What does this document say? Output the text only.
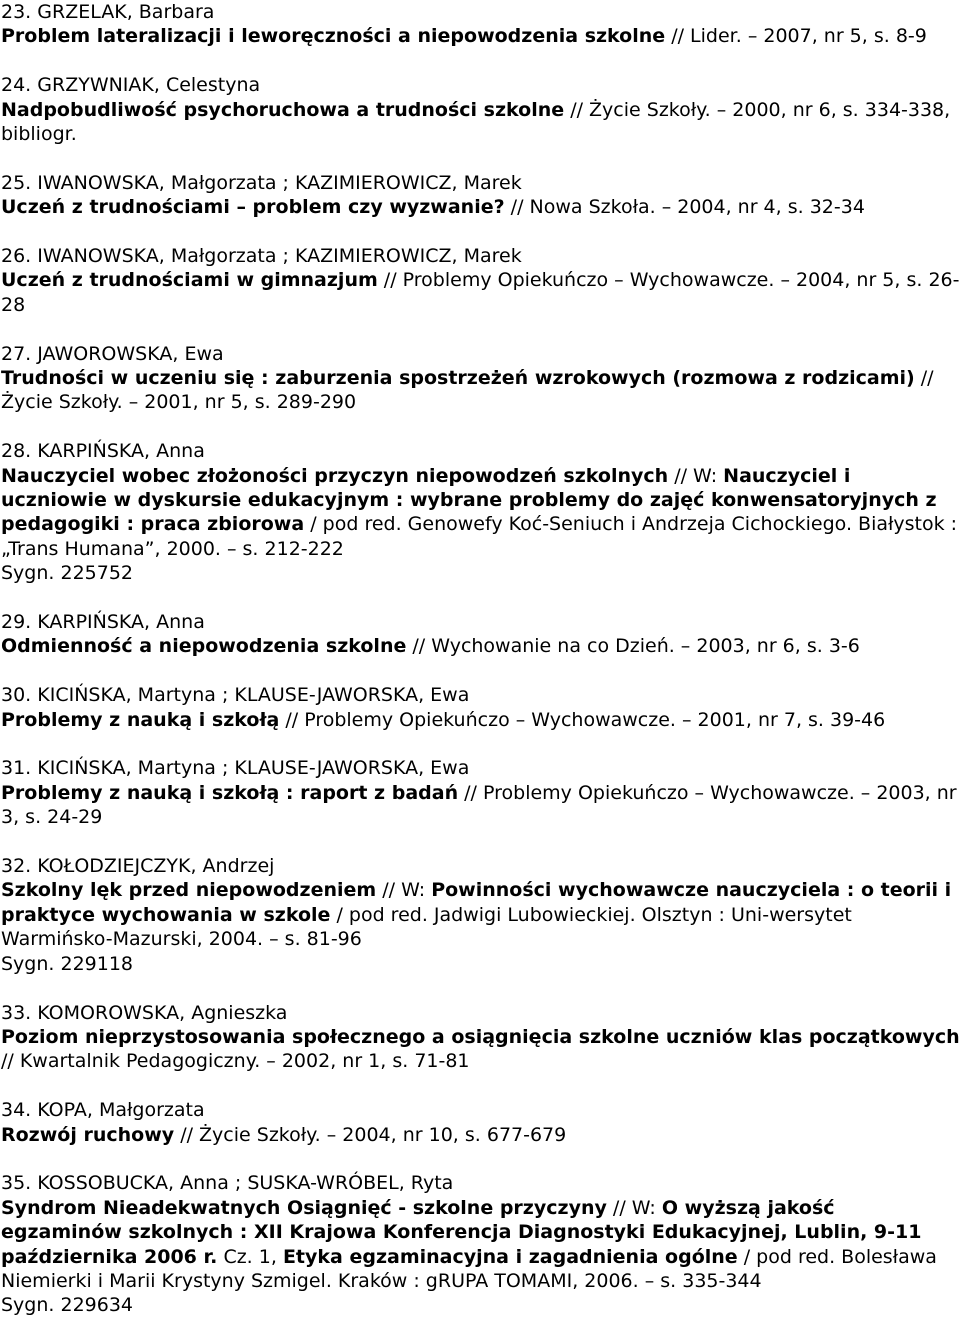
23. GRZELAK, Barbara

Problem lateralizacji i leworęczności a niepowodzenia szkolne // Lider. – 2007, nr 5, s. 8-9

24. GRZYWNIAK, Celestyna

Nadpobudliwość psychoruchowa a trudności szkolne // Życie Szkoły. – 2000, nr 6, s. 334-338, bibliogr.

25. IWANOWSKA, Małgorzata ; KAZIMIEROWICZ, Marek

Uczeń z trudnościami – problem czy wyzwanie? // Nowa Szkoła. – 2004, nr 4, s. 32-34

26. IWANOWSKA, Małgorzata ; KAZIMIEROWICZ, Marek

Uczeń z trudnościami w gimnazjum // Problemy Opiekuńczo – Wychowawcze. – 2004, nr 5, s. 26-28

27. JAWOROWSKA, Ewa

Trudności w uczeniu się : zaburzenia spostrzeżeń wzrokowych (rozmowa z rodzicami) // Życie Szkoły. – 2001, nr 5, s. 289-290

28. KARPIŃSKA, Anna

Nauczyciel wobec złożoności przyczyn niepowodzeń szkolnych // W: Nauczyciel i uczniowie w dyskursie edukacyjnym : wybrane problemy do zajęć konwensatoryjnych z pedagogiki : praca zbiorowa / pod red. Genowefy Koć-Seniuch i Andrzeja Cichockiego. Białystok : „Trans Humana”, 2000. – s. 212-222

Sygn. 225752

29. KARPIŃSKA, Anna

Odmienność a niepowodzenia szkolne // Wychowanie na co Dzień. – 2003, nr 6, s. 3-6

30. KICIŃSKA, Martyna ; KLAUSE-JAWORSKA, Ewa

Problemy z nauką i szkołą // Problemy Opiekuńczo – Wychowawcze. – 2001, nr 7, s. 39-46

31. KICIŃSKA, Martyna ; KLAUSE-JAWORSKA, Ewa

Problemy z nauką i szkołą : raport z badań // Problemy Opiekuńczo – Wychowawcze. – 2003, nr 3, s. 24-29

32. KOŁODZIEJCZYK, Andrzej

Szkolny lęk przed niepowodzeniem // W: Powinności wychowawcze nauczyciela : o teorii i praktyce wychowania w szkole / pod red. Jadwigi Lubowieckiej. Olsztyn : Uni-wersytet Warmińsko-Mazurski, 2004. – s. 81-96

Sygn. 229118

33. KOMOROWSKA, Agnieszka

Poziom nieprzystosowania społecznego a osiągnięcia szkolne uczniów klas początkowych // Kwartalnik Pedagogiczny. – 2002, nr 1, s. 71-81

34. KOPA, Małgorzata

Rozwój ruchowy // Życie Szkoły. – 2004, nr 10, s. 677-679

35. KOSSOBUCKA, Anna ; SUSKA-WRÓBEL, Ryta

Syndrom Nieadekwatnych Osiągnięć - szkolne przyczyny // W: O wyższą jakość egzaminów szkolnych : XII Krajowa Konferencja Diagnostyki Edukacyjnej, Lublin, 9-11 października 2006 r. Cz. 1, Etyka egzaminacyjna i zagadnienia ogólne / pod red. Bolesława Niemierki i Marii Krystyny Szmigel. Kraków : gRUPA TOMAMI, 2006. – s. 335-344

Sygn. 229634
